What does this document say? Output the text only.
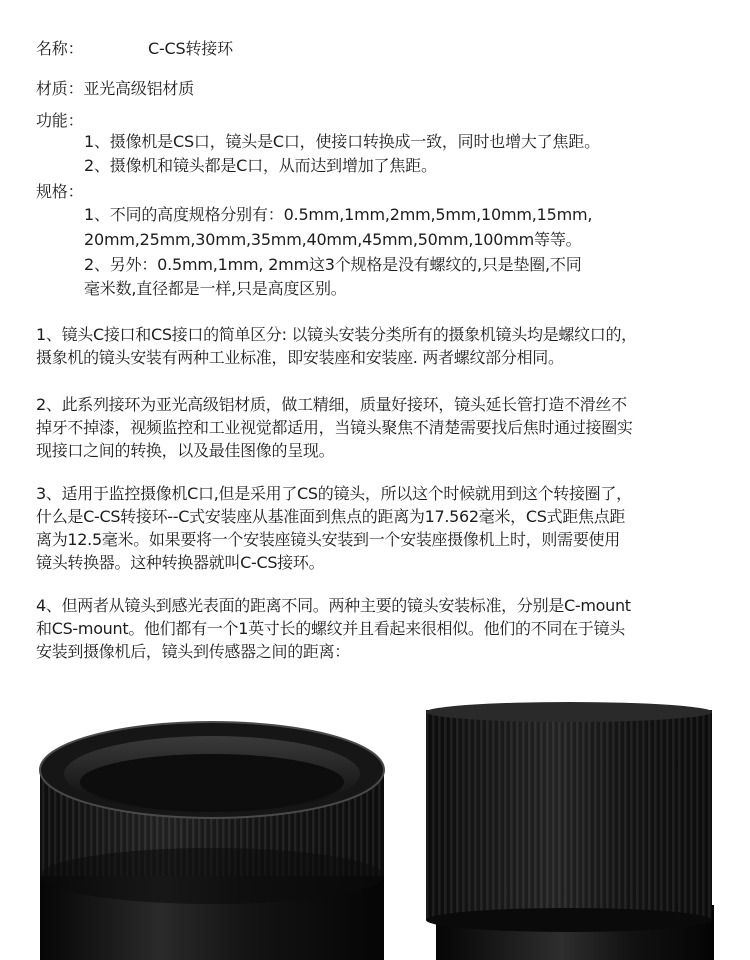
名称：	C-CS转接环
材质：亚光高级铝材质
功能：
1、摄像机是CS口，镜头是C口，使接口转换成一致，同时也增大了焦距。
2、摄像机和镜头都是C口，从而达到增加了焦距。
规格：
1、不同的高度规格分别有：0.5mm,1mm,2mm,5mm,10mm,15mm,
20mm,25mm,30mm,35mm,40mm,45mm,50mm,100mm等等。
2、另外：0.5mm,1mm, 2mm这3个规格是没有螺纹的,只是垫圈,不同
毫米数,直径都是一样,只是高度区别。
1、镜头C接口和CS接口的简单区分: 以镜头安装分类所有的摄象机镜头均是螺纹口的，
摄象机的镜头安装有两种工业标准，即安装座和安装座. 两者螺纹部分相同。
2、此系列接环为亚光高级铝材质，做工精细，质量好接环，镜头延长管打造不滑丝不
掉牙不掉漆，视频监控和工业视觉都适用，当镜头聚焦不清楚需要找后焦时通过接圈实
现接口之间的转换，以及最佳图像的呈现。
3、适用于监控摄像机C口,但是采用了CS的镜头，所以这个时候就用到这个转接圈了，
什么是C-CS转接环--C式安装座从基准面到焦点的距离为17.562毫米，CS式距焦点距
离为12.5毫米。如果要将一个安装座镜头安装到一个安装座摄像机上时，则需要使用
镜头转换器。这种转换器就叫C-CS接环。
4、但两者从镜头到感光表面的距离不同。两种主要的镜头安装标准，分别是C-mount
和CS-mount。他们都有一个1英寸长的螺纹并且看起来很相似。他们的不同在于镜头
安装到摄像机后，镜头到传感器之间的距离：
